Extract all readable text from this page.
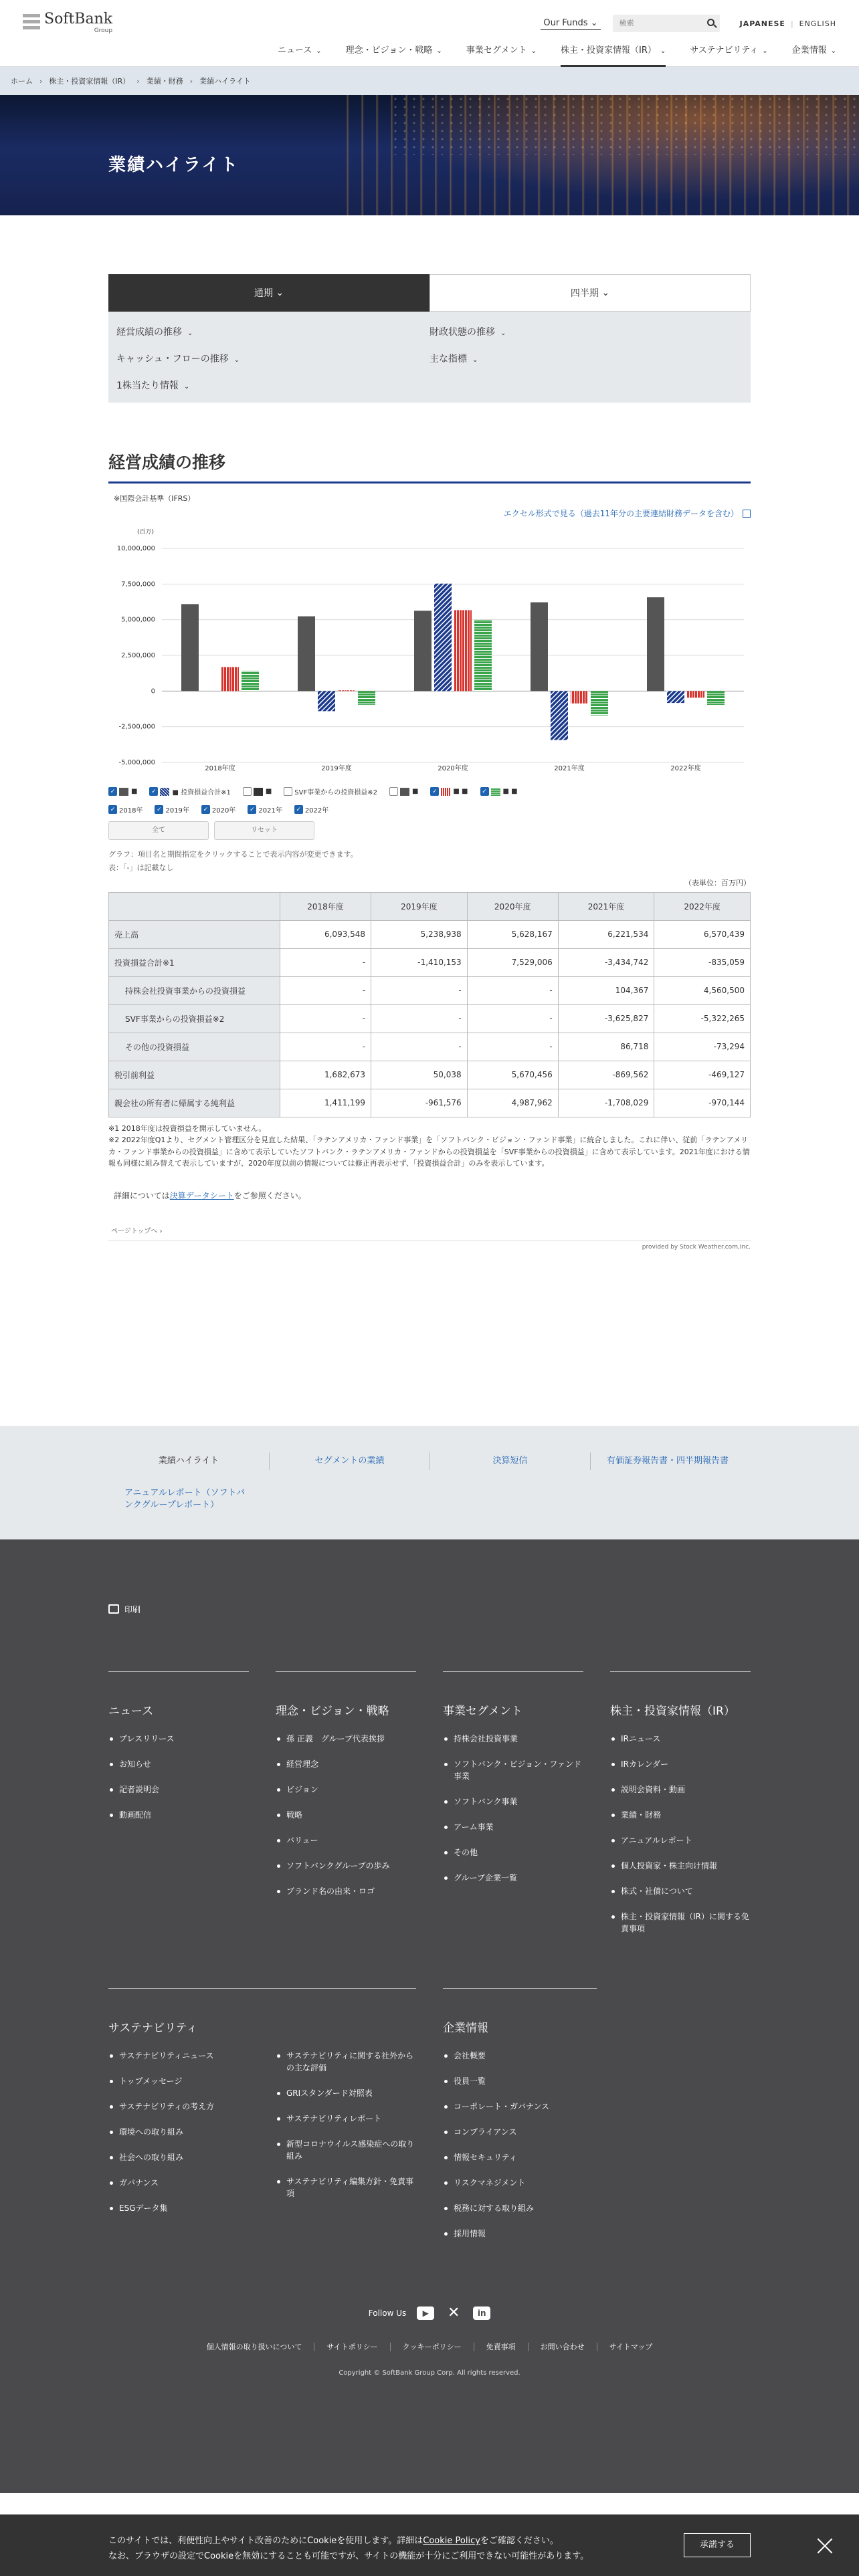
SoftBank
Group
Our Funds ⌄
検索	JAPANESE | ENGLISH
ニュース ⌄	理念・ビジョン・戦略 ⌄	事業セグメント ⌄	株主・投資家情報（IR） ⌄	サステナビリティ ⌄	企業情報 ⌄
ホーム › 株主・投資家情報（IR） › 業績・財務 › 業績ハイライト
業績ハイライト
通期
⌄	四半期
⌄
経営成績の推移 ⌄	財政状態の推移 ⌄
キャッシュ・フローの推移 ⌄	主な指標 ⌄
1株当たり情報 ⌄
経営成績の推移
※国際会計基準（IFRS）
エクセル形式で見る（過去11年分の主要連結財務データを含む）
(百万)
10,000,000
7,500,000
5,000,000
2,500,000
0
-2,500,000
-5,000,000
2018年度	2019年度	2020年度	2021年度	2022年度
✓ ■	✓ ■ 投資損益合計※1	■	SVF事業からの投資損益※2	■	✓ ■ ■	✓ ■ ■
✓ 2018年	✓ 2019年	✓ 2020年	✓ 2021年	✓ 2022年
全て	リセット
グラフ：項目名と期間指定をクリックすることで表示内容が変更できます。
表：「-」は記載なし
（表単位：百万円）
	2018年度	2019年度	2020年度	2021年度	2022年度
売上高	6,093,548	5,238,938	5,628,167	6,221,534	6,570,439
投資損益合計※1	-	-1,410,153	7,529,006	-3,434,742	-835,059
持株会社投資事業からの投資損益	-	-	-	104,367	4,560,500
SVF事業からの投資損益※2	-	-	-	-3,625,827	-5,322,265
その他の投資損益	-	-	-	86,718	-73,294
税引前利益	1,682,673	50,038	5,670,456	-869,562	-469,127
親会社の所有者に帰属する純利益	1,411,199	-961,576	4,987,962	-1,708,029	-970,144
※1 2018年度は投資損益を開示していません。
※2 2022年度Q1より、セグメント管理区分を見直した結果、「ラテンアメリカ・ファンド事業」を「ソフトバンク・ビジョン・ファンド事業」に統合しました。これに伴い、従前「ラテンアメリカ・ファンド事業からの投資損益」に含めて表示していたソフトバンク・ラテンアメリカ・ファンドからの投資損益を「SVF事業からの投資損益」に含めて表示しています。2021年度における情報も同様に組み替えて表示していますが、2020年度以前の情報については修正再表示せず、「投資損益合計」のみを表示しています。
詳細については決算データシートをご参照ください。
ページトップへ ›
provided by Stock Weather.com,Inc.
業績ハイライト	セグメントの業績	決算短信	有価証券報告書・四半期報告書
アニュアルレポート（ソフトバンクグループレポート）
印刷
ニュース
プレスリリース
お知らせ
記者説明会
動画配信
理念・ビジョン・戦略
孫 正義　グループ代表挨拶
経営理念
ビジョン
戦略
バリュー
ソフトバンクグループの歩み
ブランド名の由来・ロゴ
事業セグメント
持株会社投資事業
ソフトバンク・ビジョン・ファンド事業
ソフトバンク事業
アーム事業
その他
グループ企業一覧
株主・投資家情報（IR）
IRニュース
IRカレンダー
説明会資料・動画
業績・財務
アニュアルレポート
個人投資家・株主向け情報
株式・社債について
株主・投資家情報（IR）に関する免責事項
サステナビリティ
サステナビリティニュース
トップメッセージ
サステナビリティの考え方
環境への取り組み
社会への取り組み
ガバナンス
ESGデータ集
サステナビリティに関する社外からの主な評価
GRIスタンダード対照表
サステナビリティレポート
新型コロナウイルス感染症への取り組み
サステナビリティ編集方針・免責事項
企業情報
会社概要
役員一覧
コーポレート・ガバナンス
コンプライアンス
情報セキュリティ
リスクマネジメント
税務に対する取り組み
採用情報
Follow Us	▶	✕	in
個人情報の取り扱いについて	サイトポリシー	クッキーポリシー	免責事項	お問い合わせ	サイトマップ
Copyright © SoftBank Group Corp. All rights reserved.
このサイトでは、利便性向上やサイト改善のためにCookieを使用します。詳細はCookie Policyをご確認ください。
なお、ブラウザの設定でCookieを無効にすることも可能ですが、サイトの機能が十分にご利用できない可能性があります。
承諾する
